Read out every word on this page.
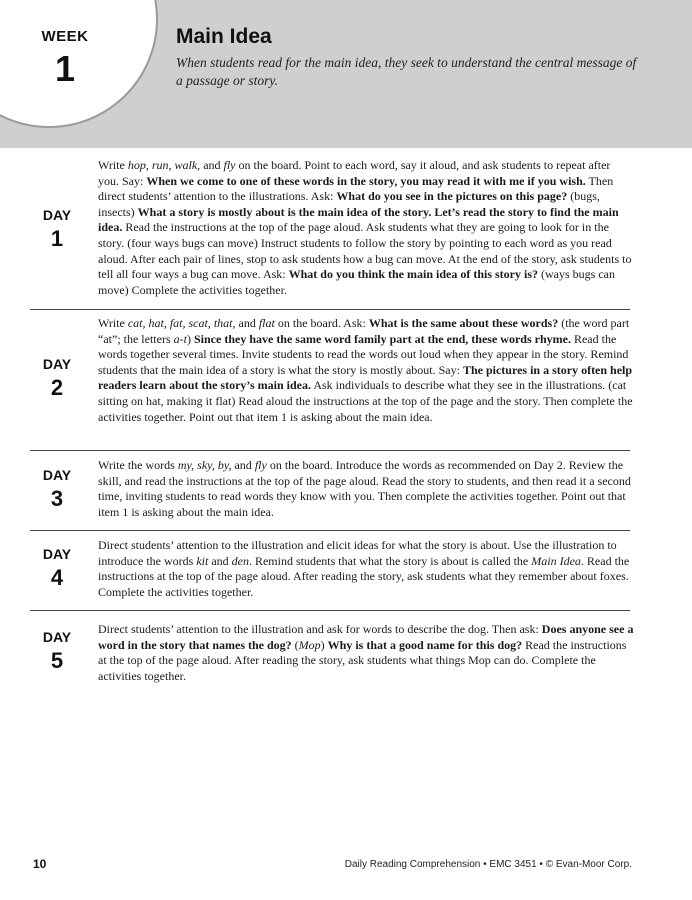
WEEK
1
Main Idea
When students read for the main idea, they seek to understand the central message of a passage or story.
DAY
1
Write hop, run, walk, and fly on the board. Point to each word, say it aloud, and ask students to repeat after you. Say: When we come to one of these words in the story, you may read it with me if you wish. Then direct students’ attention to the illustrations. Ask: What do you see in the pictures on this page? (bugs, insects) What a story is mostly about is the main idea of the story. Let’s read the story to find the main idea. Read the instructions at the top of the page aloud. Ask students what they are going to look for in the story. (four ways bugs can move) Instruct students to follow the story by pointing to each word as you read aloud. After each pair of lines, stop to ask students how a bug can move. At the end of the story, ask students to tell all four ways a bug can move. Ask: What do you think the main idea of this story is? (ways bugs can move) Complete the activities together.
DAY
2
Write cat, hat, fat, scat, that, and flat on the board. Ask: What is the same about these words? (the word part “at”; the letters a-t) Since they have the same word family part at the end, these words rhyme. Read the words together several times. Invite students to read the words out loud when they appear in the story. Remind students that the main idea of a story is what the story is mostly about. Say: The pictures in a story often help readers learn about the story’s main idea. Ask individuals to describe what they see in the illustrations. (cat sitting on hat, making it flat) Read aloud the instructions at the top of the page and the story. Then complete the activities together. Point out that item 1 is asking about the main idea.
DAY
3
Write the words my, sky, by, and fly on the board. Introduce the words as recommended on Day 2. Review the skill, and read the instructions at the top of the page aloud. Read the story to students, and then read it a second time, inviting students to read words they know with you. Then complete the activities together. Point out that item 1 is asking about the main idea.
DAY
4
Direct students’ attention to the illustration and elicit ideas for what the story is about. Use the illustration to introduce the words kit and den. Remind students that what the story is about is called the Main Idea. Read the instructions at the top of the page aloud. After reading the story, ask students what they remember about foxes. Complete the activities together.
DAY
5
Direct students’ attention to the illustration and ask for words to describe the dog. Then ask: Does anyone see a word in the story that names the dog? (Mop) Why is that a good name for this dog? Read the instructions at the top of the page aloud. After reading the story, ask students what things Mop can do. Complete the activities together.
10	Daily Reading Comprehension • EMC 3451 • © Evan-Moor Corp.
